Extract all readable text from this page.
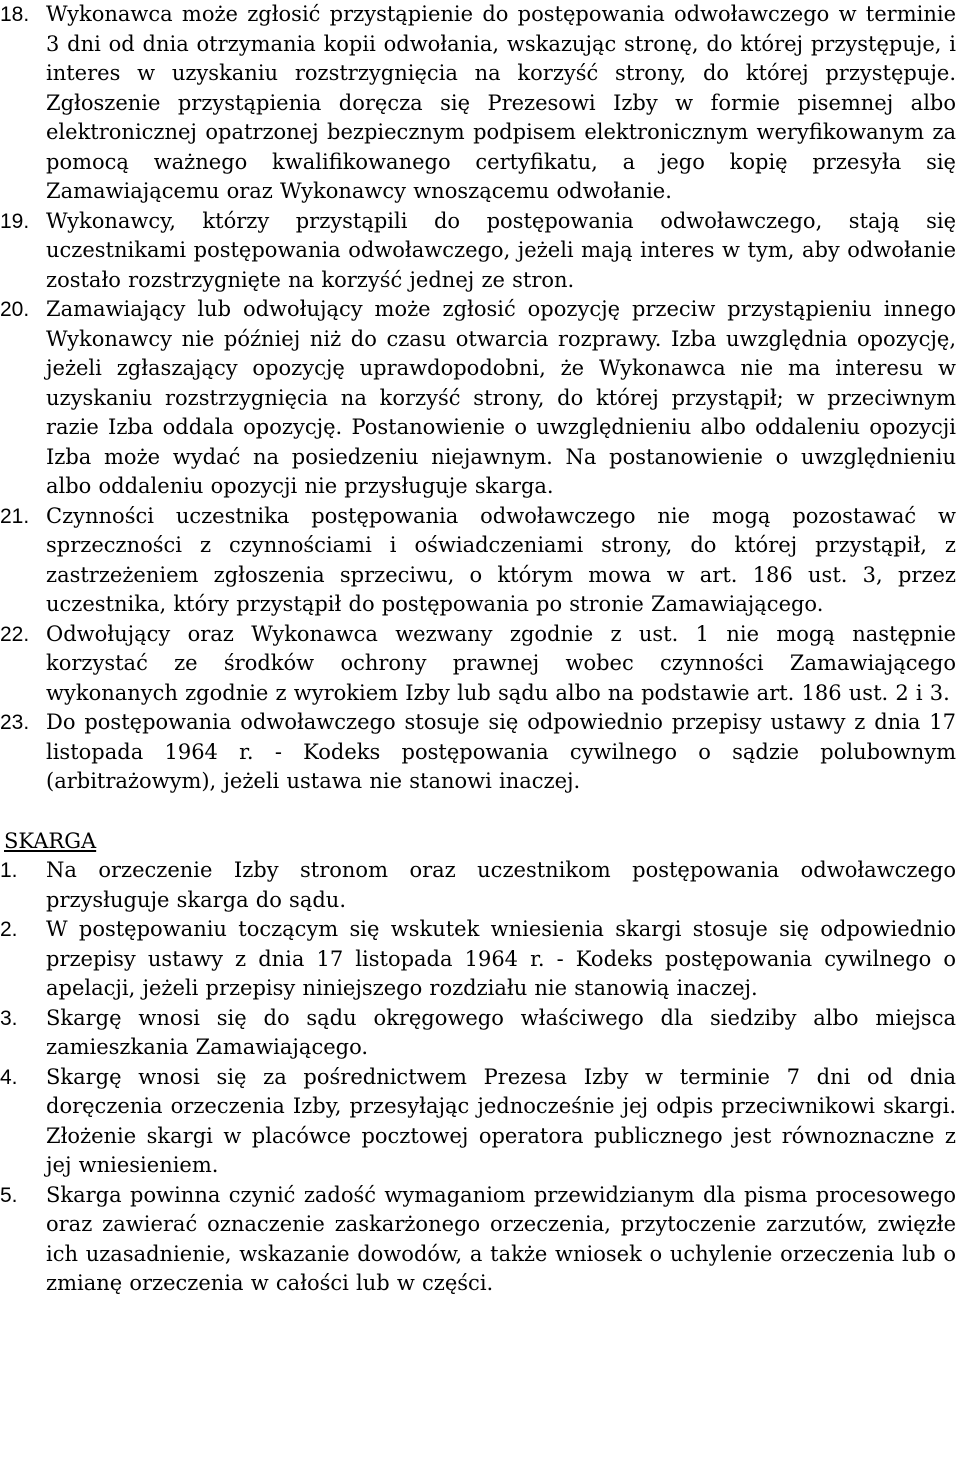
18. Wykonawca może zgłosić przystąpienie do postępowania odwoławczego w terminie 3 dni od dnia otrzymania kopii odwołania, wskazując stronę, do której przystępuje, i interes w uzyskaniu rozstrzygnięcia na korzyść strony, do której przystępuje. Zgłoszenie przystąpienia doręcza się Prezesowi Izby w formie pisemnej albo elektronicznej opatrzonej bezpiecznym podpisem elektronicznym weryfikowanym za pomocą ważnego kwalifikowanego certyfikatu, a jego kopię przesyła się Zamawiającemu oraz Wykonawcy wnoszącemu odwołanie.
19. Wykonawcy, którzy przystąpili do postępowania odwoławczego, stają się uczestnikami postępowania odwoławczego, jeżeli mają interes w tym, aby odwołanie zostało rozstrzygnięte na korzyść jednej ze stron.
20. Zamawiający lub odwołujący może zgłosić opozycję przeciw przystąpieniu innego Wykonawcy nie później niż do czasu otwarcia rozprawy. Izba uwzględnia opozycję, jeżeli zgłaszający opozycję uprawdopodobni, że Wykonawca nie ma interesu w uzyskaniu rozstrzygnięcia na korzyść strony, do której przystąpił; w przeciwnym razie Izba oddala opozycję. Postanowienie o uwzględnieniu albo oddaleniu opozycji Izba może wydać na posiedzeniu niejawnym. Na postanowienie o uwzględnieniu albo oddaleniu opozycji nie przysługuje skarga.
21. Czynności uczestnika postępowania odwoławczego nie mogą pozostawać w sprzeczności z czynnościami i oświadczeniami strony, do której przystąpił, z zastrzeżeniem zgłoszenia sprzeciwu, o którym mowa w art. 186 ust. 3, przez uczestnika, który przystąpił do postępowania po stronie Zamawiającego.
22. Odwołujący oraz Wykonawca wezwany zgodnie z ust. 1 nie mogą następnie korzystać ze środków ochrony prawnej wobec czynności Zamawiającego wykonanych zgodnie z wyrokiem Izby lub sądu albo na podstawie art. 186 ust. 2 i 3.
23. Do postępowania odwoławczego stosuje się odpowiednio przepisy ustawy z dnia 17 listopada 1964 r. - Kodeks postępowania cywilnego o sądzie polubownym (arbitrażowym), jeżeli ustawa nie stanowi inaczej.
SKARGA
1.	Na orzeczenie Izby stronom oraz uczestnikom postępowania odwoławczego przysługuje skarga do sądu.
2.	W postępowaniu toczącym się wskutek wniesienia skargi stosuje się odpowiednio przepisy ustawy z dnia 17 listopada 1964 r. - Kodeks postępowania cywilnego o apelacji, jeżeli przepisy niniejszego rozdziału nie stanowią inaczej.
3.	Skargę wnosi się do sądu okręgowego właściwego dla siedziby albo miejsca zamieszkania Zamawiającego.
4.	Skargę wnosi się za pośrednictwem Prezesa Izby w terminie 7 dni od dnia doręczenia orzeczenia Izby, przesyłając jednocześnie jej odpis przeciwnikowi skargi. Złożenie skargi w placówce pocztowej operatora publicznego jest równoznaczne z jej wniesieniem.
5.	Skarga powinna czynić zadość wymaganiom przewidzianym dla pisma procesowego oraz zawierać oznaczenie zaskarżonego orzeczenia, przytoczenie zarzutów, zwięzłe ich uzasadnienie, wskazanie dowodów, a także wniosek o uchylenie orzeczenia lub o zmianę orzeczenia w całości lub w części.
